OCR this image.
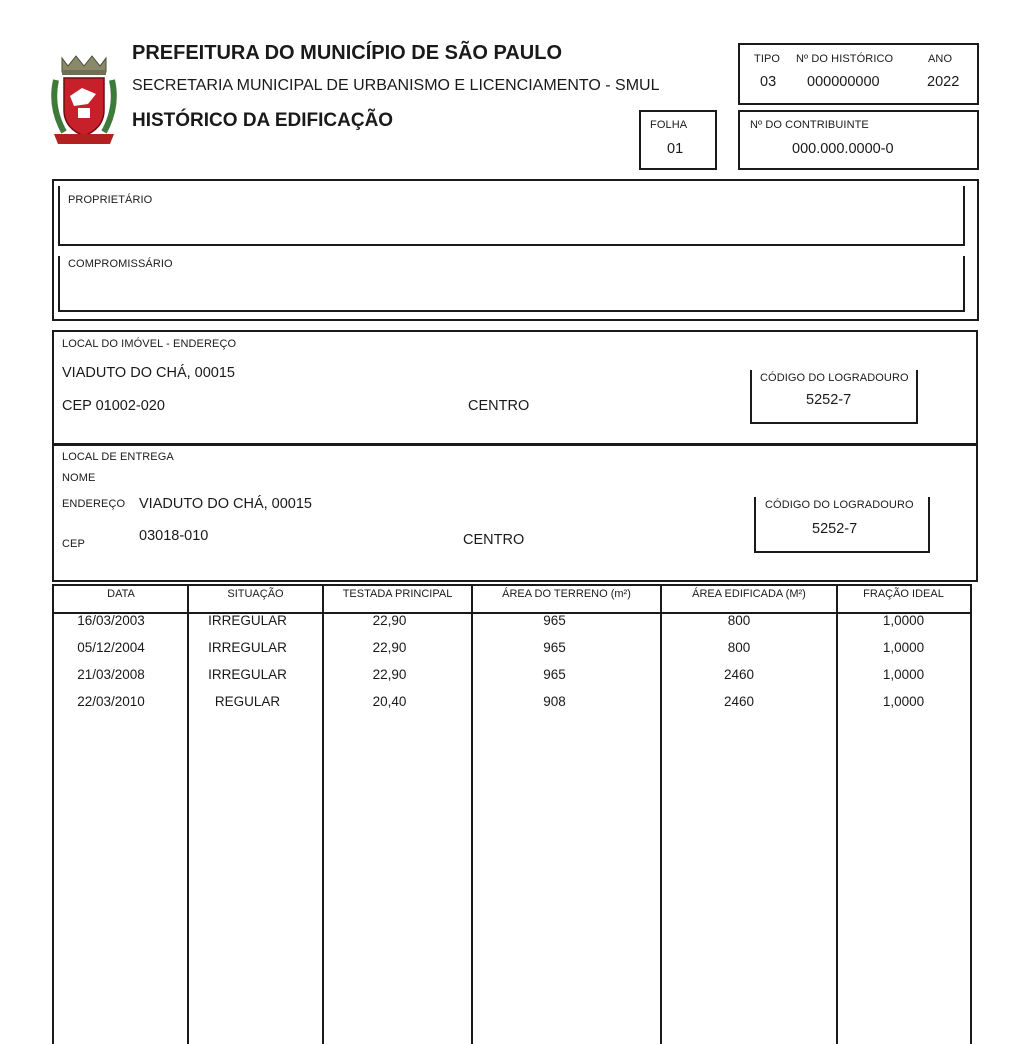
PREFEITURA DO MUNICÍPIO DE SÃO PAULO
SECRETARIA MUNICIPAL DE URBANISMO E LICENCIAMENTO - SMUL
HISTÓRICO DA EDIFICAÇÃO
TIPO
03
Nº DO HISTÓRICO
000000000
ANO
2022
FOLHA
01
Nº DO CONTRIBUINTE
000.000.0000-0
PROPRIETÁRIO
COMPROMISSÁRIO
LOCAL DO IMÓVEL - ENDEREÇO
VIADUTO DO CHÁ, 00015
CEP 01002-020	CENTRO
CÓDIGO DO LOGRADOURO
5252-7
LOCAL DE ENTREGA
NOME
ENDEREÇO VIADUTO DO CHÁ, 00015
CEP	03018-010	CENTRO
CÓDIGO DO LOGRADOURO
5252-7
DATA	SITUAÇÃO	TESTADA PRINCIPAL	ÁREA DO TERRENO (m²)	ÁREA EDIFICADA (M²)	FRAÇÃO IDEAL
16/03/2003	IRREGULAR	22,90	965	800	1,0000
05/12/2004	IRREGULAR	22,90	965	800	1,0000
21/03/2008	IRREGULAR	22,90	965	2460	1,0000
22/03/2010	REGULAR	20,40	908	2460	1,0000
